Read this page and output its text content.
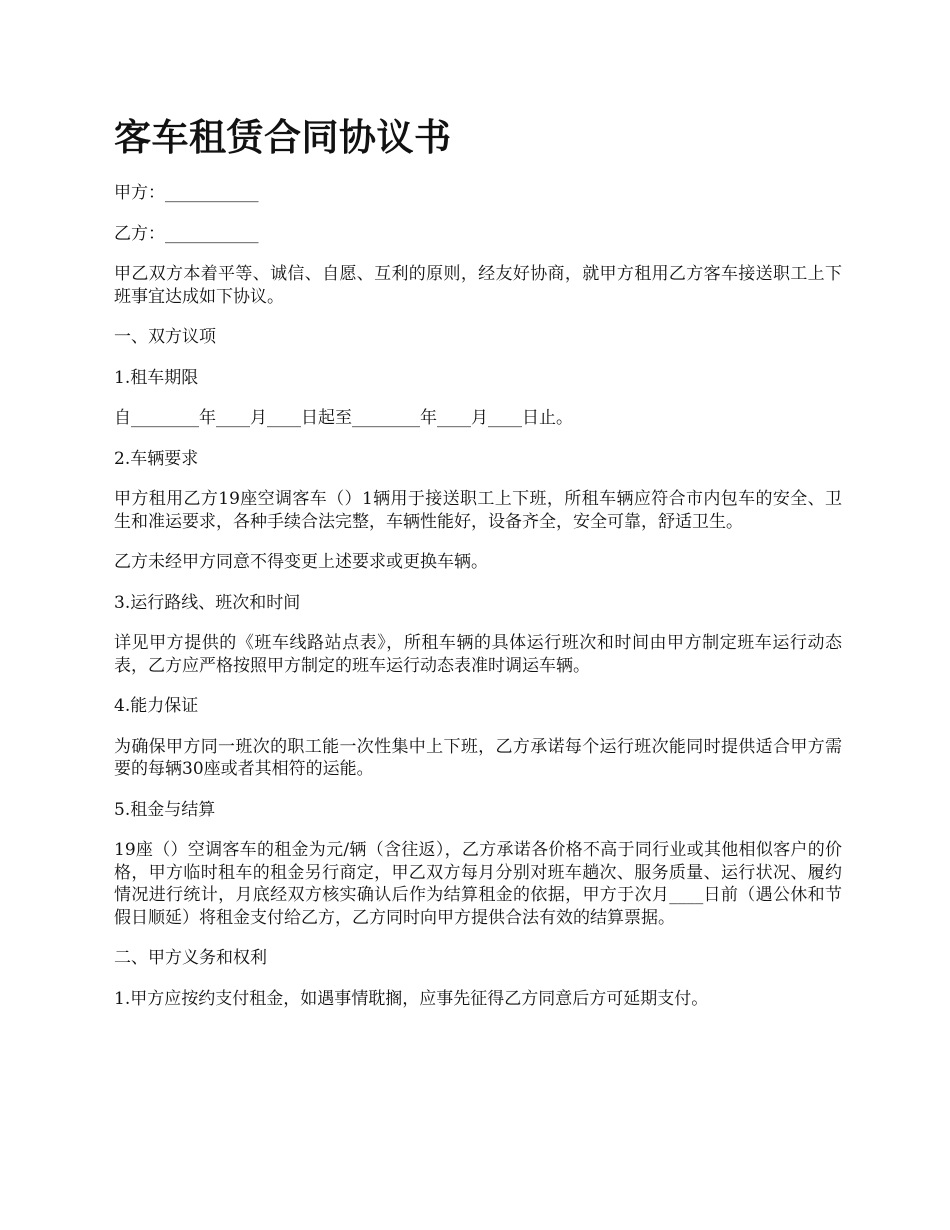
客车租赁合同协议书

甲方：___________

乙方：___________

甲乙双方本着平等、诚信、自愿、互利的原则，经友好协商，就甲方租用乙方客车接送职工上下班事宜达成如下协议。

一、双方议项

1.租车期限

自________年____月____日起至________年____月____日止。

2.车辆要求

甲方租用乙方19座空调客车（）1辆用于接送职工上下班，所租车辆应符合市内包车的安全、卫生和准运要求，各种手续合法完整，车辆性能好，设备齐全，安全可靠，舒适卫生。

乙方未经甲方同意不得变更上述要求或更换车辆。

3.运行路线、班次和时间

详见甲方提供的《班车线路站点表》，所租车辆的具体运行班次和时间由甲方制定班车运行动态表，乙方应严格按照甲方制定的班车运行动态表准时调运车辆。

4.能力保证

为确保甲方同一班次的职工能一次性集中上下班，乙方承诺每个运行班次能同时提供适合甲方需要的每辆30座或者其相符的运能。

5.租金与结算

19座（）空调客车的租金为元/辆（含往返），乙方承诺各价格不高于同行业或其他相似客户的价格，甲方临时租车的租金另行商定，甲乙双方每月分别对班车趟次、服务质量、运行状况、履约情况进行统计，月底经双方核实确认后作为结算租金的依据，甲方于次月____日前（遇公休和节假日顺延）将租金支付给乙方，乙方同时向甲方提供合法有效的结算票据。

二、甲方义务和权利

1.甲方应按约支付租金，如遇事情耽搁，应事先征得乙方同意后方可延期支付。
